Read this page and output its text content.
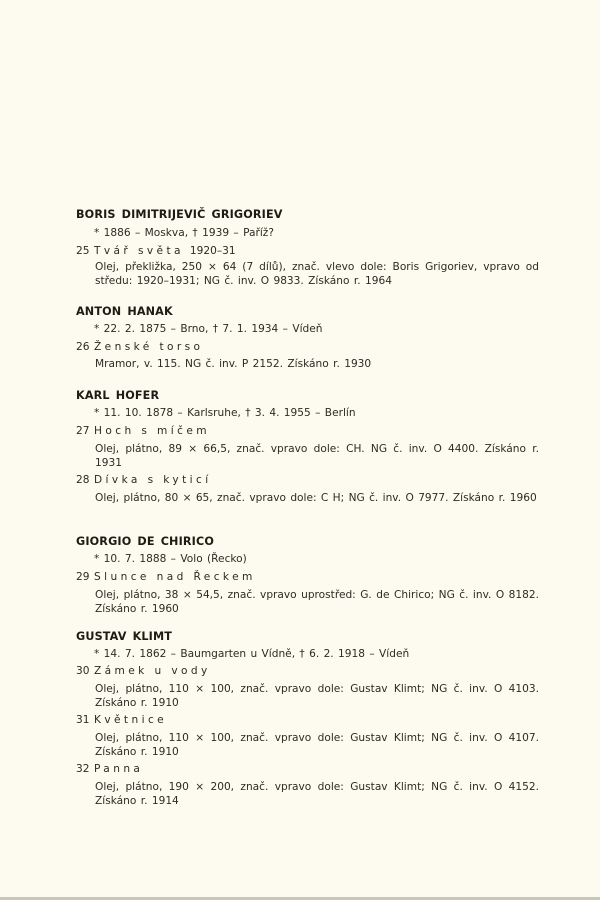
BORIS DIMITRIJEVIČ GRIGORIEV
* 1886 – Moskva, † 1939 – Paříž?
25 Tvář světa 1920–31
Olej, překližka, 250 × 64 (7 dílů), znač. vlevo dole: Boris Grigoriev, vpravo od středu: 1920–1931; NG č. inv. O 9833. Získáno r. 1964
ANTON HANAK
* 22. 2. 1875 – Brno, † 7. 1. 1934 – Vídeň
26 Ženské torso
Mramor, v. 115. NG č. inv. P 2152. Získáno r. 1930
KARL HOFER
* 11. 10. 1878 – Karlsruhe, † 3. 4. 1955 – Berlín
27 Hoch s míčem
Olej, plátno, 89 × 66,5, znač. vpravo dole: CH. NG č. inv. O 4400. Získáno r. 1931
28 Dívka s kyticí
Olej, plátno, 80 × 65, znač. vpravo dole: C H; NG č. inv. O 7977. Získáno r. 1960
GIORGIO DE CHIRICO
* 10. 7. 1888 – Volo (Řecko)
29 Slunce nad Řeckem
Olej, plátno, 38 × 54,5, znač. vpravo uprostřed: G. de Chirico; NG č. inv. O 8182. Získáno r. 1960
GUSTAV KLIMT
* 14. 7. 1862 – Baumgarten u Vídně, † 6. 2. 1918 – Vídeň
30 Zámek u vody
Olej, plátno, 110 × 100, znač. vpravo dole: Gustav Klimt; NG č. inv. O 4103. Získáno r. 1910
31 Květnice
Olej, plátno, 110 × 100, znač. vpravo dole: Gustav Klimt; NG č. inv. O 4107. Získáno r. 1910
32 Panna
Olej, plátno, 190 × 200, znač. vpravo dole: Gustav Klimt; NG č. inv. O 4152. Získáno r. 1914
